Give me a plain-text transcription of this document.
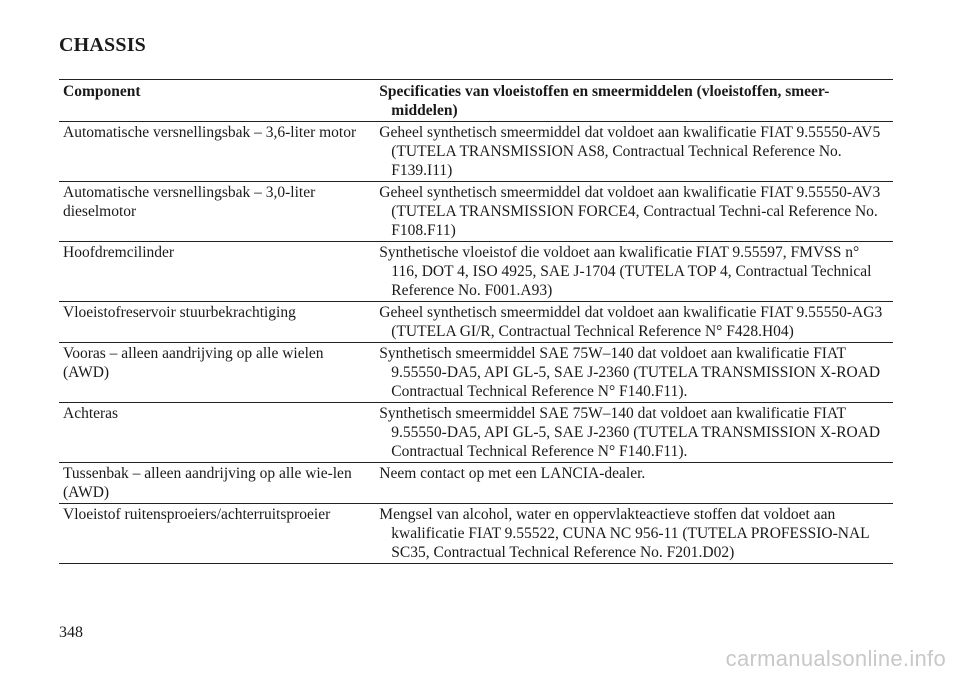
CHASSIS
Component	Specificaties van vloeistoffen en smeermiddelen (vloeistoffen, smeer-middelen)

Automatische versnellingsbak – 3,6-liter motor	Geheel synthetisch smeermiddel dat voldoet aan kwalificatie FIAT 9.55550-AV5 (TUTELA TRANSMISSION AS8, Contractual Technical Reference No. F139.I11)

Automatische versnellingsbak – 3,0-liter dieselmotor	Geheel synthetisch smeermiddel dat voldoet aan kwalificatie FIAT 9.55550-AV3 (TUTELA TRANSMISSION FORCE4, Contractual Techni-cal Reference No. F108.F11)

Hoofdremcilinder	Synthetische vloeistof die voldoet aan kwalificatie FIAT 9.55597, FMVSS n° 116, DOT 4, ISO 4925, SAE J-1704 (TUTELA TOP 4, Contractual Technical Reference No. F001.A93)

Vloeistofreservoir stuurbekrachtiging	Geheel synthetisch smeermiddel dat voldoet aan kwalificatie FIAT 9.55550-AG3 (TUTELA GI/R, Contractual Technical Reference N° F428.H04)

Vooras – alleen aandrijving op alle wielen (AWD)	Synthetisch smeermiddel SAE 75W–140 dat voldoet aan kwalificatie FIAT 9.55550-DA5, API GL-5, SAE J-2360 (TUTELA TRANSMISSION X-ROAD Contractual Technical Reference N° F140.F11).

Achteras	Synthetisch smeermiddel SAE 75W–140 dat voldoet aan kwalificatie FIAT 9.55550-DA5, API GL-5, SAE J-2360 (TUTELA TRANSMISSION X-ROAD Contractual Technical Reference N° F140.F11).

Tussenbak – alleen aandrijving op alle wie-len (AWD)	Neem contact op met een LANCIA-dealer.

Vloeistof ruitensproeiers/achterruitsproeier	Mengsel van alcohol, water en oppervlakteactieve stoffen dat voldoet aan kwalificatie FIAT 9.55522, CUNA NC 956-11 (TUTELA PROFESSIO-NAL SC35, Contractual Technical Reference No. F201.D02)
348
carmanualsonline.info
